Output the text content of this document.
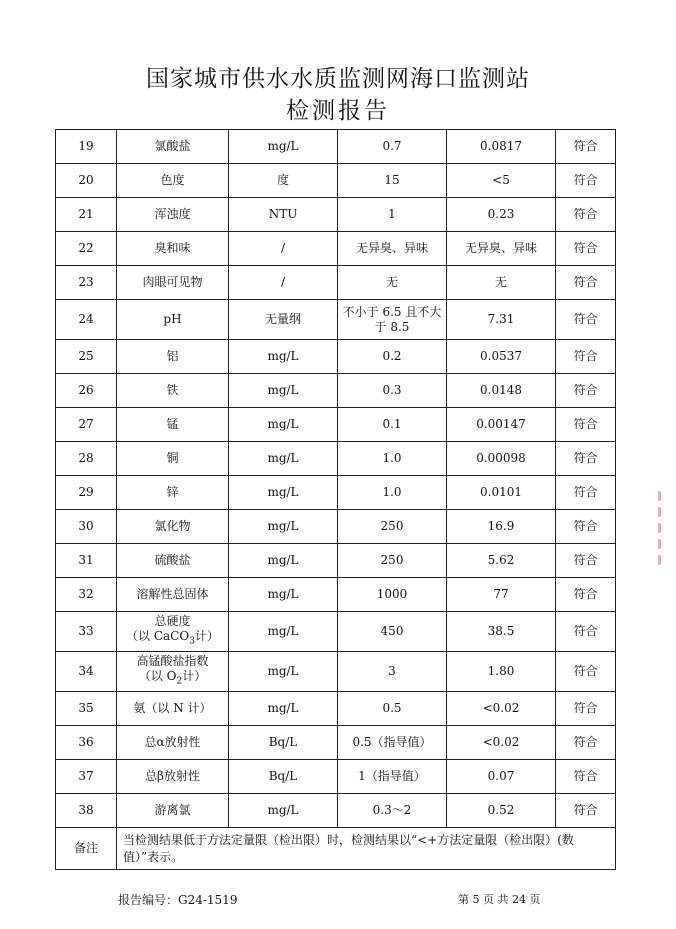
国家城市供水水质监测网海口监测站
检测报告
19	氯酸盐	mg/L	0.7	0.0817	符合
20	色度	度	15	<5	符合
21	浑浊度	NTU	1	0.23	符合
22	臭和味	/	无异臭、异味	无异臭、异味	符合
23	肉眼可见物	/	无	无	符合
24	pH	无量纲	不小于 6.5 且不大于 8.5	7.31	符合
25	铝	mg/L	0.2	0.0537	符合
26	铁	mg/L	0.3	0.0148	符合
27	锰	mg/L	0.1	0.00147	符合
28	铜	mg/L	1.0	0.00098	符合
29	锌	mg/L	1.0	0.0101	符合
30	氯化物	mg/L	250	16.9	符合
31	硫酸盐	mg/L	250	5.62	符合
32	溶解性总固体	mg/L	1000	77	符合
33	总硬度
（以 CaCO$_3$计）	mg/L	450	38.5	符合
34	高锰酸盐指数
（以 $O_2$计）	mg/L	3	1.80	符合
35	氨（以 N 计）	mg/L	0.5	<0.02	符合
36	总α放射性	Bq/L	0.5（指导值）	<0.02	符合
37	总β放射性	Bq/L	1（指导值）	0.07	符合
38	游离氯	mg/L	0.3～2	0.52	符合
备注	当检测结果低于方法定量限（检出限）时，检测结果以“<+方法定量限（检出限）(数值）”表示。				
报告编号：G24-1519	第 5 页 共 24 页
